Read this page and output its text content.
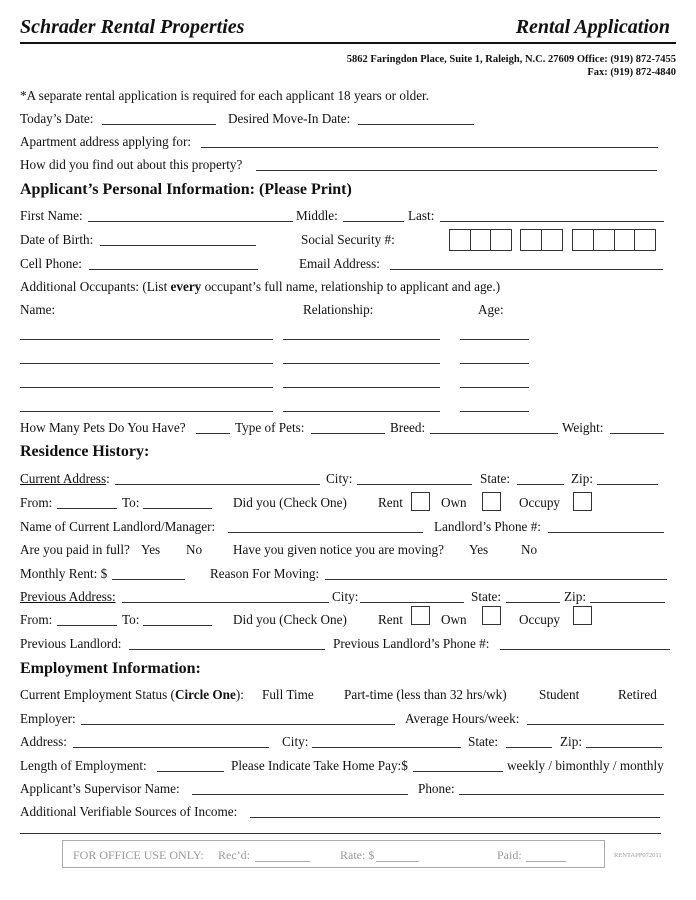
Schrader Rental Properties	Rental Application
5862 Faringdon Place, Suite 1, Raleigh, N.C. 27609 Office: (919) 872-7455
Fax: (919) 872-4840
*A separate rental application is required for each applicant 18 years or older.
Today’s Date:	Desired Move-In Date:
Apartment address applying for:
How did you find out about this property?
Applicant’s Personal Information: (Please Print)
First Name:	Middle:	Last:
Date of Birth:	Social Security #:
Cell Phone:	Email Address:
Additional Occupants: (List every occupant’s full name, relationship to applicant and age.)
Name:	Relationship:	Age:
How Many Pets Do You Have?	Type of Pets:	Breed:	Weight:
Residence History:
Current Address:	City:	State:	Zip:
From:	To:	Did you (Check One) Rent	Own	Occupy
Name of Current Landlord/Manager:	Landlord’s Phone #:
Are you paid in full? Yes No Have you given notice you are moving? Yes No
Monthly Rent: $	Reason For Moving:
Previous Address:	City:	State:	Zip:
From:	To:	Did you (Check One) Rent	Own	Occupy
Previous Landlord:	Previous Landlord’s Phone #:
Employment Information:
Current Employment Status (Circle One): Full Time Part-time (less than 32 hrs/wk) Student	Retired
Employer:	Average Hours/week:
Address:	City:	State:	Zip:
Length of Employment:	Please Indicate Take Home Pay:$	weekly / bimonthly / monthly
Applicant’s Supervisor Name:	Phone:
Additional Verifiable Sources of Income:
FOR OFFICE USE ONLY: Rec’d:	Rate: $	Paid:	RENTAPP072011
